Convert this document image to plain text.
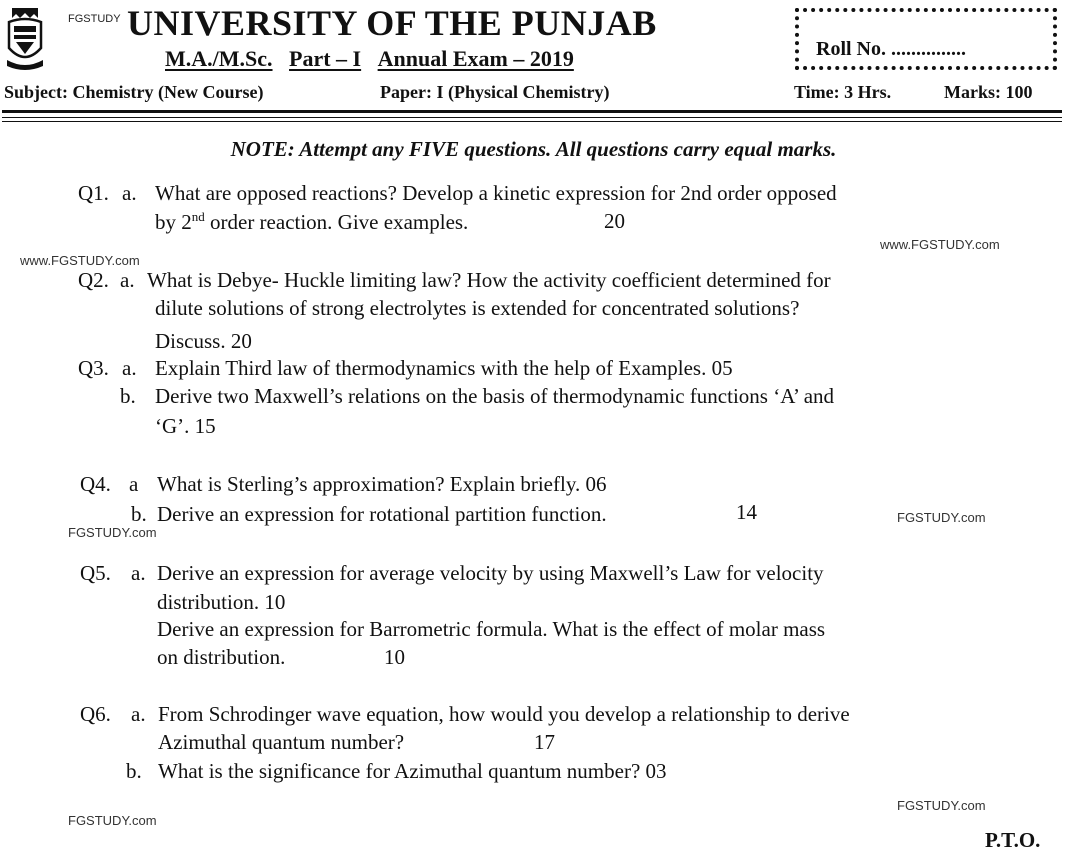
FGSTUDY UNIVERSITY OF THE PUNJAB
M.A./M.Sc. Part – I Annual Exam – 2019	Roll No. ...............
Subject: Chemistry (New Course)	Paper: I (Physical Chemistry)	Time: 3 Hrs.	Marks: 100
NOTE: Attempt any FIVE questions. All questions carry equal marks.
Q1. a. What are opposed reactions? Develop a kinetic expression for 2nd order opposed
by 2nd order reaction. Give examples.	20
www.FGSTUDY.com
www.FGSTUDY.com
Q2. a. What is Debye- Huckle limiting law? How the activity coefficient determined for
dilute solutions of strong electrolytes is extended for concentrated solutions?
Discuss. 20
Q3. a. Explain Third law of thermodynamics with the help of Examples. 05
b. Derive two Maxwell’s relations on the basis of thermodynamic functions ‘A’ and
‘G’. 15
Q4. a What is Sterling’s approximation? Explain briefly. 06
b. Derive an expression for rotational partition function.	14	FGSTUDY.com
FGSTUDY.com
Q5. a. Derive an expression for average velocity by using Maxwell’s Law for velocity
distribution. 10
Derive an expression for Barrometric formula. What is the effect of molar mass
on distribution.	10
Q6. a. From Schrodinger wave equation, how would you develop a relationship to derive
Azimuthal quantum number?	17
b. What is the significance for Azimuthal quantum number? 03
FGSTUDY.com
FGSTUDY.com
P.T.O.
